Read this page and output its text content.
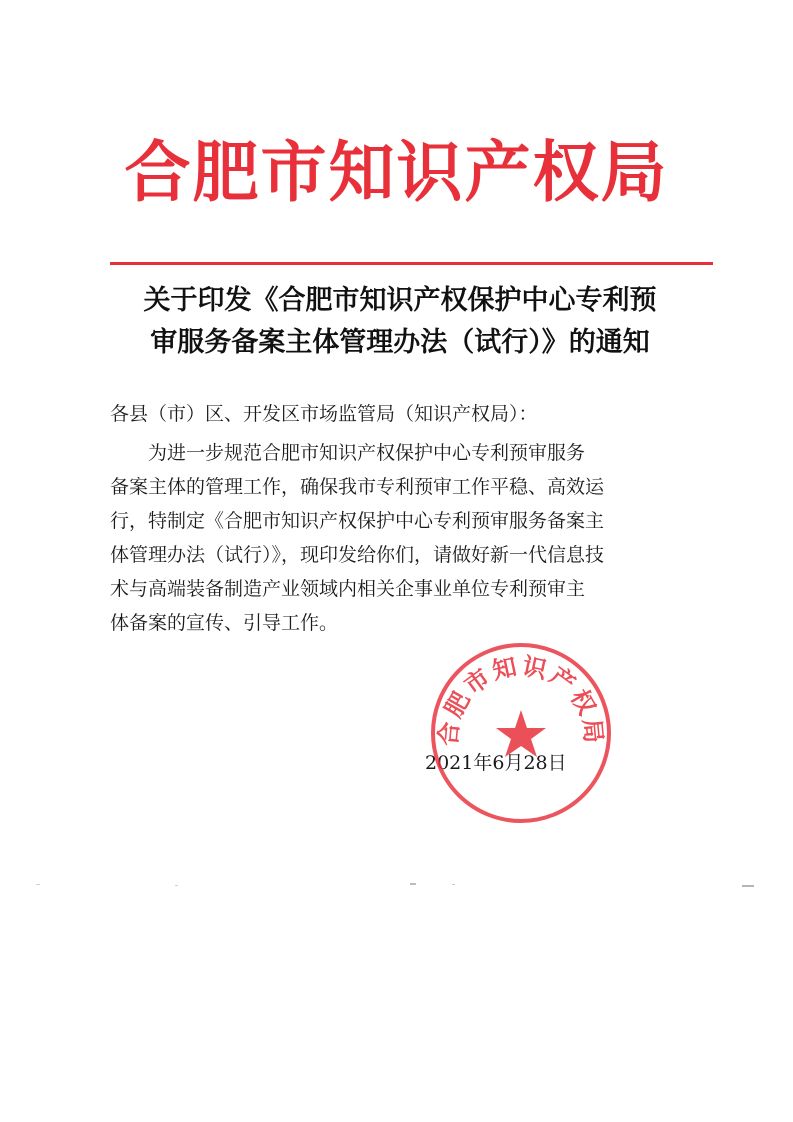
合肥市知识产权局
关于印发《合肥市知识产权保护中心专利预
审服务备案主体管理办法（试行）》的通知
各县（市）区、开发区市场监管局（知识产权局）：
为进一步规范合肥市知识产权保护中心专利预审服务
备案主体的管理工作，确保我市专利预审工作平稳、高效运
行，特制定《合肥市知识产权保护中心专利预审服务备案主
体管理办法（试行）》，现印发给你们，请做好新一代信息技
术与高端装备制造产业领域内相关企事业单位专利预审主
体备案的宣传、引导工作。
2021年6月28日
合肥市知识产权局
